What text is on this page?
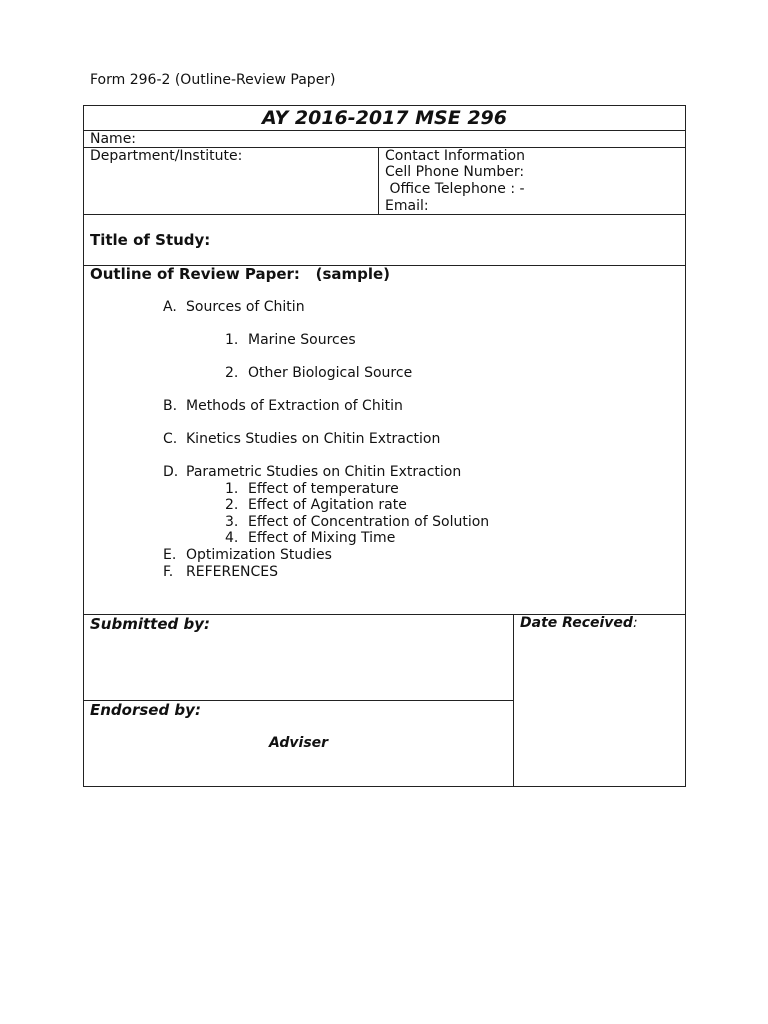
Form 296-2 (Outline-Review Paper)
AY 2016-2017 MSE 296
Name:
Department/Institute:	Contact Information
Cell Phone Number:
Office Telephone : -
Email:
Title of Study:
Outline of Review Paper:   (sample)
A. Sources of Chitin
1. Marine Sources
2. Other Biological Source
B. Methods of Extraction of Chitin
C. Kinetics Studies on Chitin Extraction
D. Parametric Studies on Chitin Extraction
1. Effect of temperature
2. Effect of Agitation rate
3. Effect of Concentration of Solution
4. Effect of Mixing Time
E. Optimization Studies
F. REFERENCES
Submitted by:	Date Received:
Endorsed by:
Adviser
